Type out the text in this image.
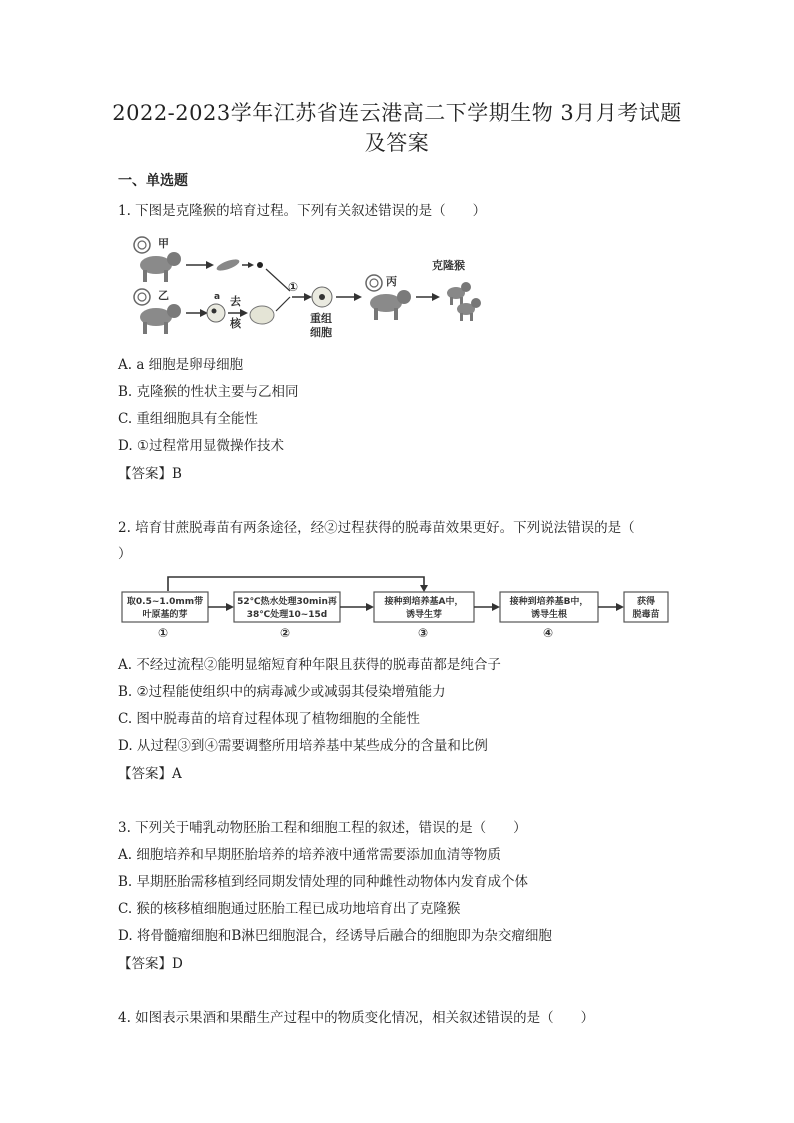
2022-2023学年江苏省连云港高二下学期生物 3月月考试题
及答案
一、单选题
1. 下图是克隆猴的培育过程。下列有关叙述错误的是（　　）
甲
乙	a 去
核
①
重组
细胞
丙
克隆猴
A. a 细胞是卵母细胞
B. 克隆猴的性状主要与乙相同
C. 重组细胞具有全能性
D. ①过程常用显微操作技术
【答案】B
2. 培育甘蔗脱毒苗有两条途径，经②过程获得的脱毒苗效果更好。下列说法错误的是（
）
取0.5~1.0mm带
叶原基的芽
52℃热水处理30min再
38℃处理10~15d
接种到培养基A中，
诱导生芽
接种到培养基B中，
诱导生根
获得
脱毒苗
①	②	③	④
A. 不经过流程②能明显缩短育种年限且获得的脱毒苗都是纯合子
B. ②过程能使组织中的病毒减少或减弱其侵染增殖能力
C. 图中脱毒苗的培育过程体现了植物细胞的全能性
D. 从过程③到④需要调整所用培养基中某些成分的含量和比例
【答案】A
3. 下列关于哺乳动物胚胎工程和细胞工程的叙述，错误的是（　　）
A. 细胞培养和早期胚胎培养的培养液中通常需要添加血清等物质
B. 早期胚胎需移植到经同期发情处理的同种雌性动物体内发育成个体
C. 猴的核移植细胞通过胚胎工程已成功地培育出了克隆猴
D. 将骨髓瘤细胞和B淋巴细胞混合，经诱导后融合的细胞即为杂交瘤细胞
【答案】D
4. 如图表示果酒和果醋生产过程中的物质变化情况，相关叙述错误的是（　　）
